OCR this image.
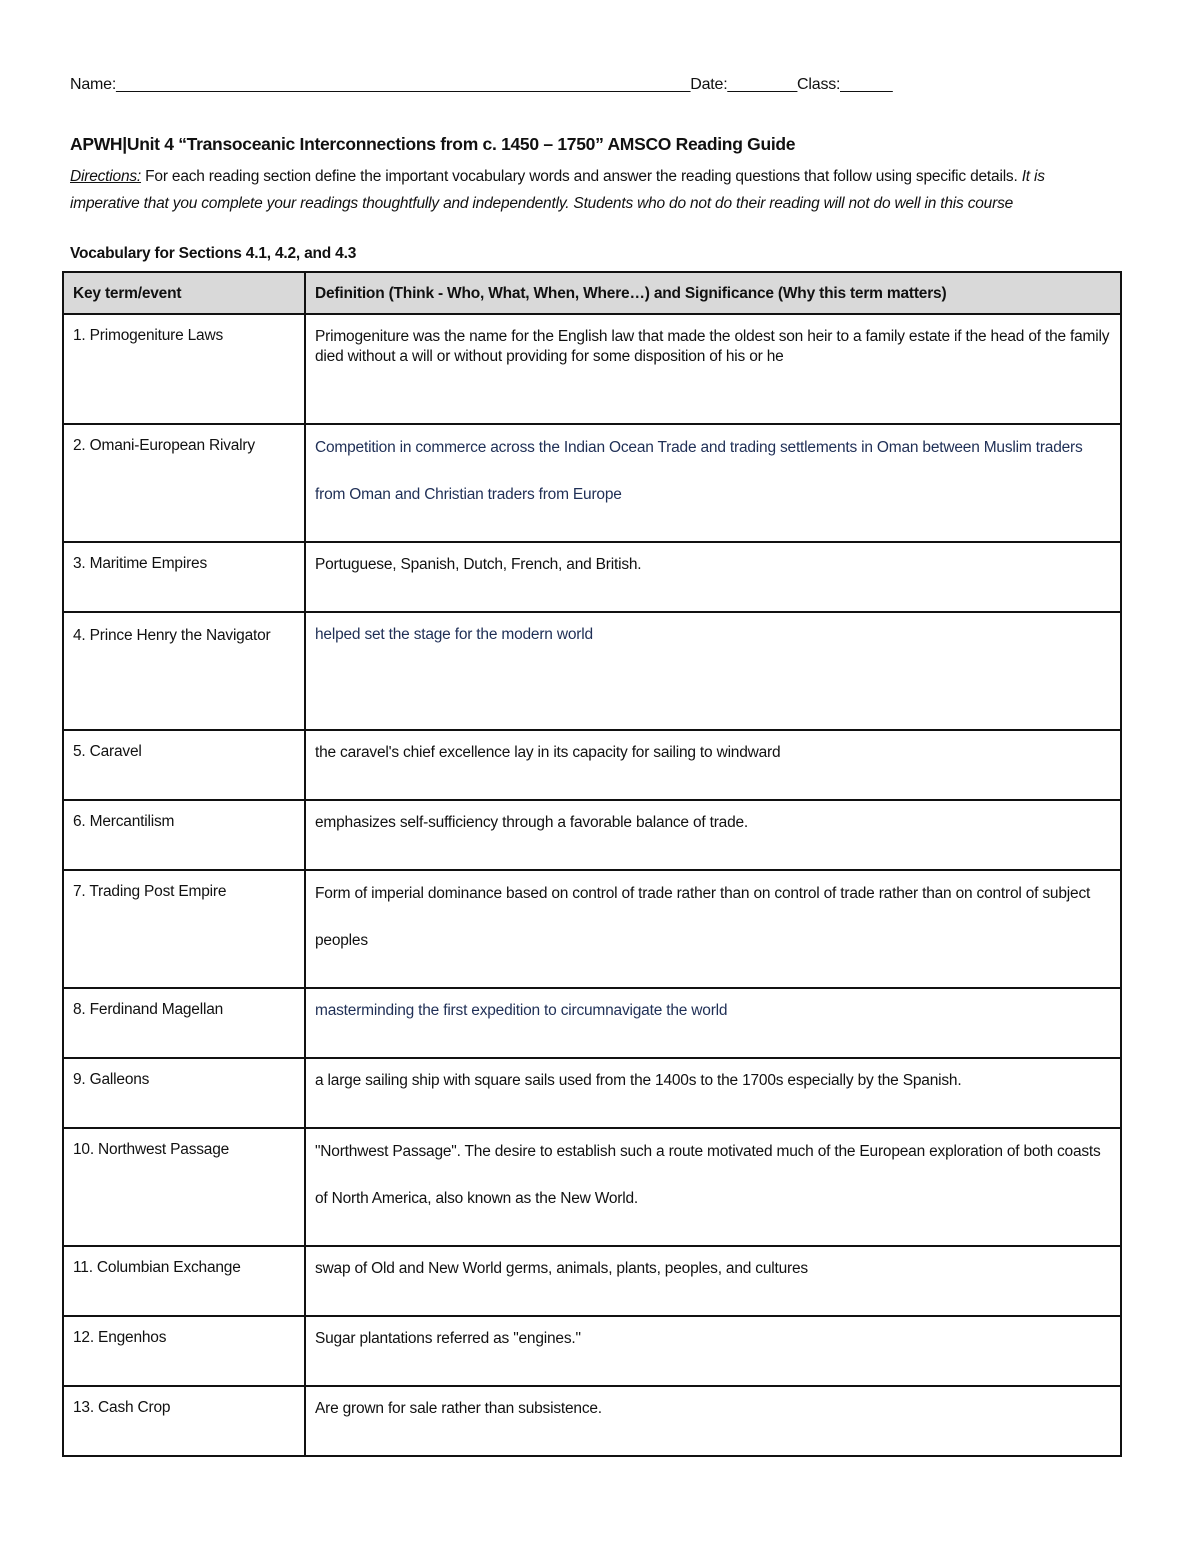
Name:__________________________________________________________________Date:________Class:______
APWH|Unit 4 “Transoceanic Interconnections from c. 1450 – 1750” AMSCO Reading Guide
Directions: For each reading section define the important vocabulary words and answer the reading questions that follow using specific details. It is imperative that you complete your readings thoughtfully and independently. Students who do not do their reading will not do well in this course
Vocabulary for Sections 4.1, 4.2, and 4.3
Key term/event	Definition (Think - Who, What, When, Where…) and Significance (Why this term matters)

1. Primogeniture Laws	Primogeniture was the name for the English law that made the oldest son heir to a family estate if the head of the family died without a will or without providing for some disposition of his or he

2. Omani-European Rivalry	Competition in commerce across the Indian Ocean Trade and trading settlements in Oman between Muslim traders from Oman and Christian traders from Europe

3. Maritime Empires	Portuguese, Spanish, Dutch, French, and British.

4. Prince Henry the Navigator	helped set the stage for the modern world

5. Caravel	the caravel's chief excellence lay in its capacity for sailing to windward

6. Mercantilism	emphasizes self-sufficiency through a favorable balance of trade.

7. Trading Post Empire	Form of imperial dominance based on control of trade rather than on control of trade rather than on control of subject peoples

8. Ferdinand Magellan	masterminding the first expedition to circumnavigate the world

9. Galleons	a large sailing ship with square sails used from the 1400s to the 1700s especially by the Spanish.

10. Northwest Passage	"Northwest Passage". The desire to establish such a route motivated much of the European exploration of both coasts of North America, also known as the New World.

11. Columbian Exchange	swap of Old and New World germs, animals, plants, peoples, and cultures

12. Engenhos	Sugar plantations referred as "engines."

13. Cash Crop	Are grown for sale rather than subsistence.
